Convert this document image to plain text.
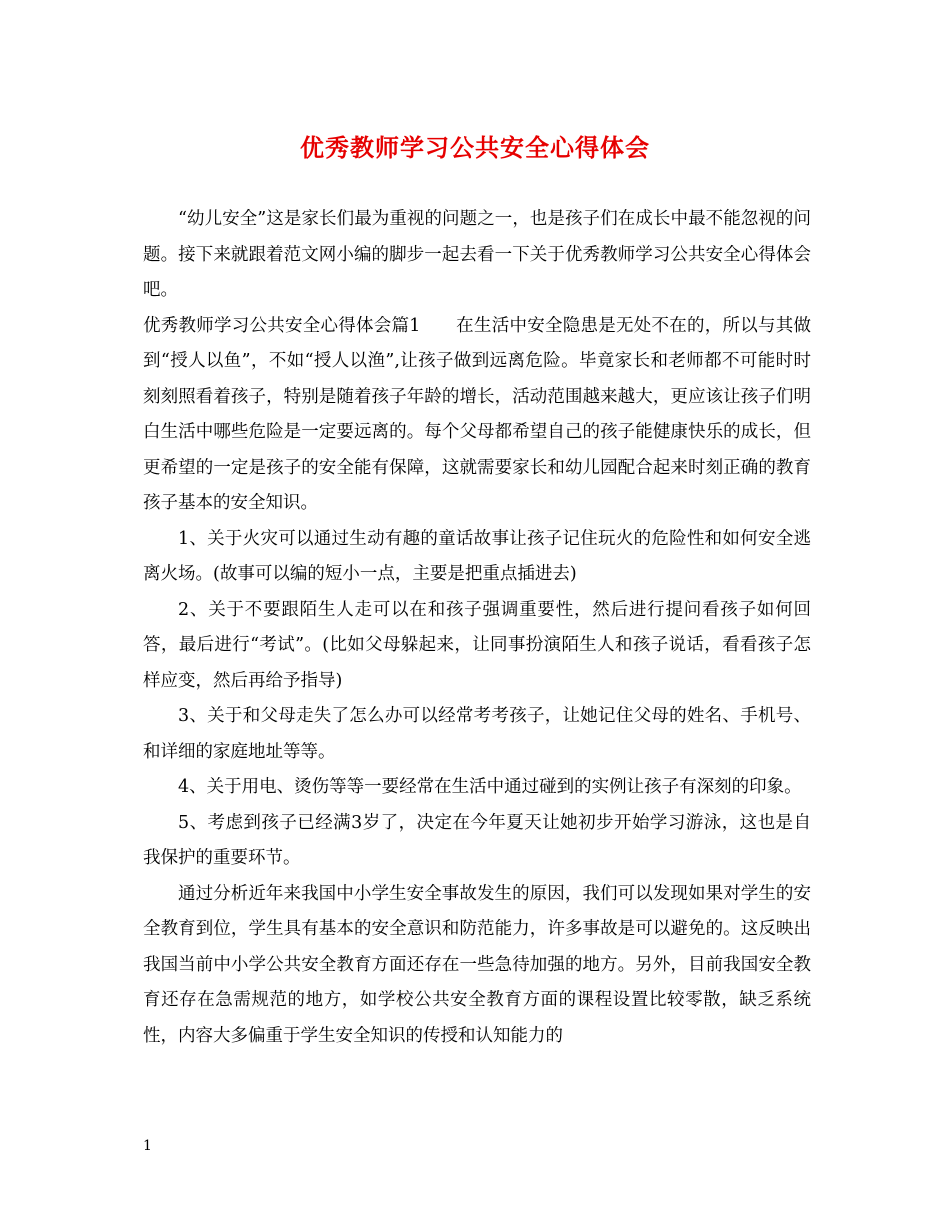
优秀教师学习公共安全心得体会

“幼儿安全”这是家长们最为重视的问题之一，也是孩子们在成长中最不能忽视的问题。接下来就跟着范文网小编的脚步一起去看一下关于优秀教师学习公共安全心得体会吧。

优秀教师学习公共安全心得体会篇1　　在生活中安全隐患是无处不在的，所以与其做到“授人以鱼”，不如“授人以渔”,让孩子做到远离危险。毕竟家长和老师都不可能时时刻刻照看着孩子，特别是随着孩子年龄的增长，活动范围越来越大，更应该让孩子们明白生活中哪些危险是一定要远离的。每个父母都希望自己的孩子能健康快乐的成长，但更希望的一定是孩子的安全能有保障，这就需要家长和幼儿园配合起来时刻正确的教育孩子基本的安全知识。

1、关于火灾可以通过生动有趣的童话故事让孩子记住玩火的危险性和如何安全逃离火场。(故事可以编的短小一点，主要是把重点插进去)

2、关于不要跟陌生人走可以在和孩子强调重要性，然后进行提问看孩子如何回答，最后进行“考试”。(比如父母躲起来，让同事扮演陌生人和孩子说话，看看孩子怎样应变，然后再给予指导)

3、关于和父母走失了怎么办可以经常考考孩子，让她记住父母的姓名、手机号、和详细的家庭地址等等。

4、关于用电、烫伤等等一要经常在生活中通过碰到的实例让孩子有深刻的印象。

5、考虑到孩子已经满3岁了，决定在今年夏天让她初步开始学习游泳，这也是自我保护的重要环节。

通过分析近年来我国中小学生安全事故发生的原因，我们可以发现如果对学生的安全教育到位，学生具有基本的安全意识和防范能力，许多事故是可以避免的。这反映出我国当前中小学公共安全教育方面还存在一些急待加强的地方。另外，目前我国安全教育还存在急需规范的地方，如学校公共安全教育方面的课程设置比较零散，缺乏系统性，内容大多偏重于学生安全知识的传授和认知能力的

1
